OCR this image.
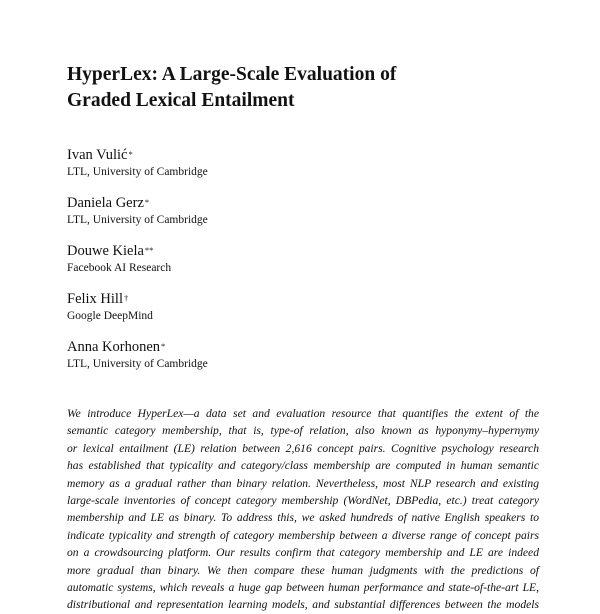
HyperLex: A Large-Scale Evaluation of
Graded Lexical Entailment
Ivan Vulić*
LTL, University of Cambridge
Daniela Gerz*
LTL, University of Cambridge
Douwe Kiela**
Facebook AI Research
Felix Hill†
Google DeepMind
Anna Korhonen*
LTL, University of Cambridge
We introduce HyperLex—a data set and evaluation resource that quantifies the extent of the
semantic category membership, that is, type-of relation, also known as hyponymy–hypernymy
or lexical entailment (LE) relation between 2,616 concept pairs. Cognitive psychology research
has established that typicality and category/class membership are computed in human semantic
memory as a gradual rather than binary relation. Nevertheless, most NLP research and existing
large-scale inventories of concept category membership (WordNet, DBPedia, etc.) treat category
membership and LE as binary. To address this, we asked hundreds of native English speakers to
indicate typicality and strength of category membership between a diverse range of concept pairs
on a crowdsourcing platform. Our results confirm that category membership and LE are indeed
more gradual than binary. We then compare these human judgments with the predictions of
automatic systems, which reveals a huge gap between human performance and state-of-the-art LE,
distributional and representation learning models, and substantial differences between the models
